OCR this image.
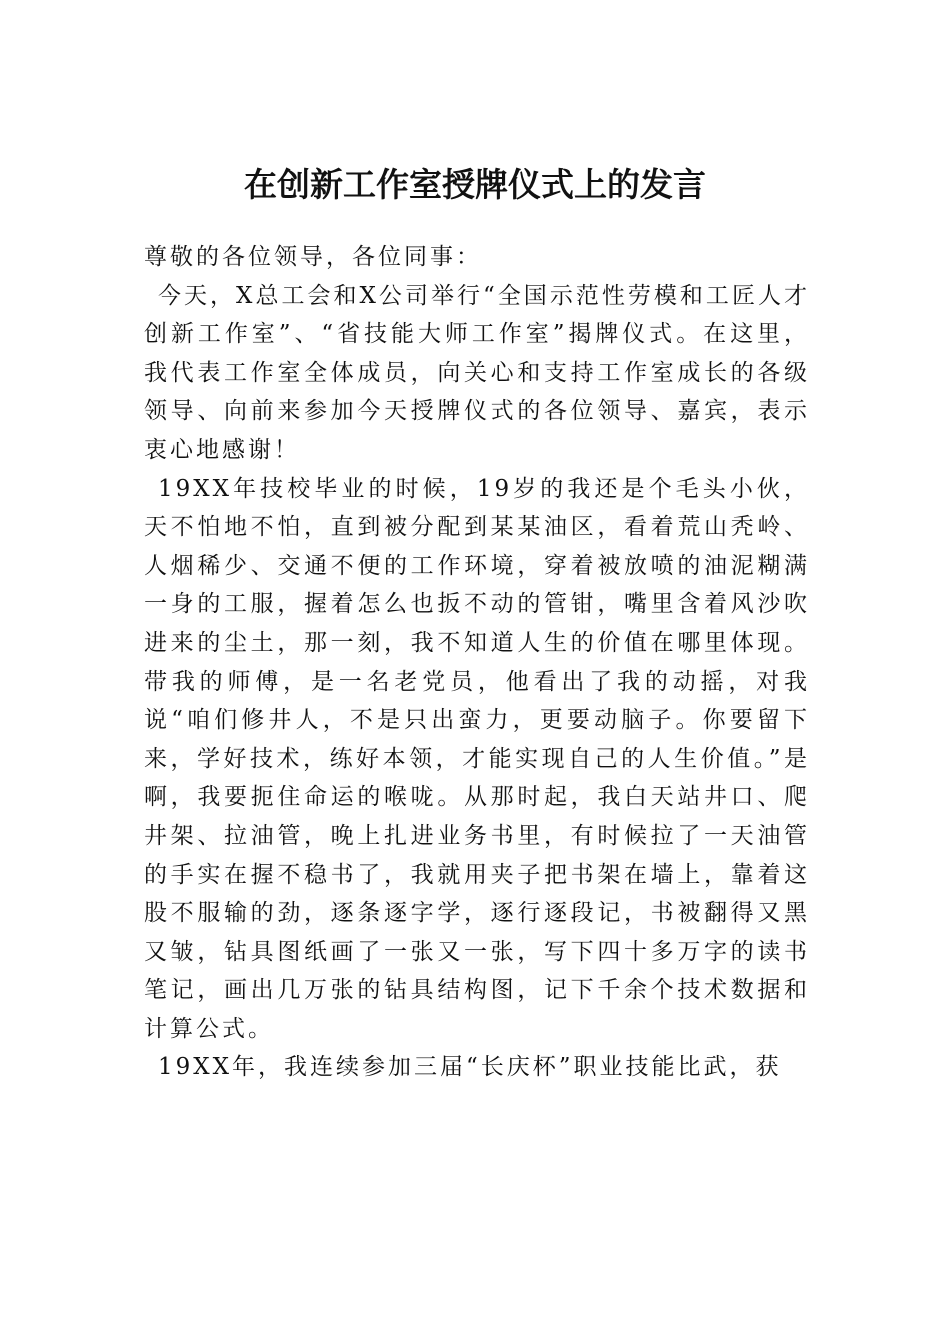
在创新工作室授牌仪式上的发言

尊敬的各位领导，各位同事：

今天，X总工会和X公司举行“全国示范性劳模和工匠人才创新工作室”、“省技能大师工作室”揭牌仪式。在这里，我代表工作室全体成员，向关心和支持工作室成长的各级领导、向前来参加今天授牌仪式的各位领导、嘉宾，表示衷心地感谢！

19XX年技校毕业的时候，19岁的我还是个毛头小伙，天不怕地不怕，直到被分配到某某油区，看着荒山秃岭、人烟稀少、交通不便的工作环境，穿着被放喷的油泥糊满一身的工服，握着怎么也扳不动的管钳，嘴里含着风沙吹进来的尘土，那一刻，我不知道人生的价值在哪里体现。带我的师傅，是一名老党员，他看出了我的动摇，对我说“咱们修井人，不是只出蛮力，更要动脑子。你要留下来，学好技术，练好本领，才能实现自己的人生价值。”是啊，我要扼住命运的喉咙。从那时起，我白天站井口、爬井架、拉油管，晚上扎进业务书里，有时候拉了一天油管的手实在握不稳书了，我就用夹子把书架在墙上，靠着这股不服输的劲，逐条逐字学，逐行逐段记，书被翻得又黑又皱，钻具图纸画了一张又一张，写下四十多万字的读书笔记，画出几万张的钻具结构图，记下千余个技术数据和计算公式。

19XX年，我连续参加三届“长庆杯”职业技能比武，获
